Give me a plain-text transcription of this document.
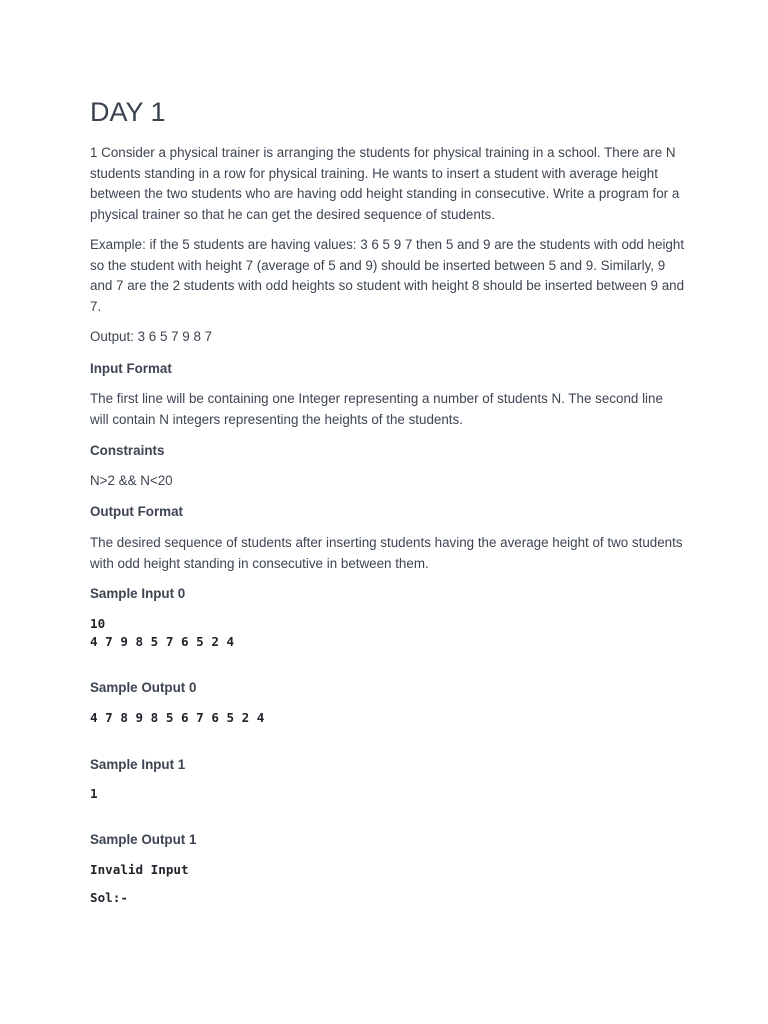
DAY 1

1 Consider a physical trainer is arranging the students for physical training in a school. There are N students standing in a row for physical training. He wants to insert a student with average height between the two students who are having odd height standing in consecutive. Write a program for a physical trainer so that he can get the desired sequence of students.

Example: if the 5 students are having values: 3 6 5 9 7 then 5 and 9 are the students with odd height so the student with height 7 (average of 5 and 9) should be inserted between 5 and 9. Similarly, 9 and 7 are the 2 students with odd heights so student with height 8 should be inserted between 9 and 7.

Output: 3 6 5 7 9 8 7

Input Format

The first line will be containing one Integer representing a number of students N. The second line will contain N integers representing the heights of the students.

Constraints

N>2 && N<20

Output Format

The desired sequence of students after inserting students having the average height of two students with odd height standing in consecutive in between them.

Sample Input 0

10

4 7 9 8 5 7 6 5 2 4

Sample Output 0

4 7 8 9 8 5 6 7 6 5 2 4

Sample Input 1

1

Sample Output 1

Invalid Input

Sol:-
